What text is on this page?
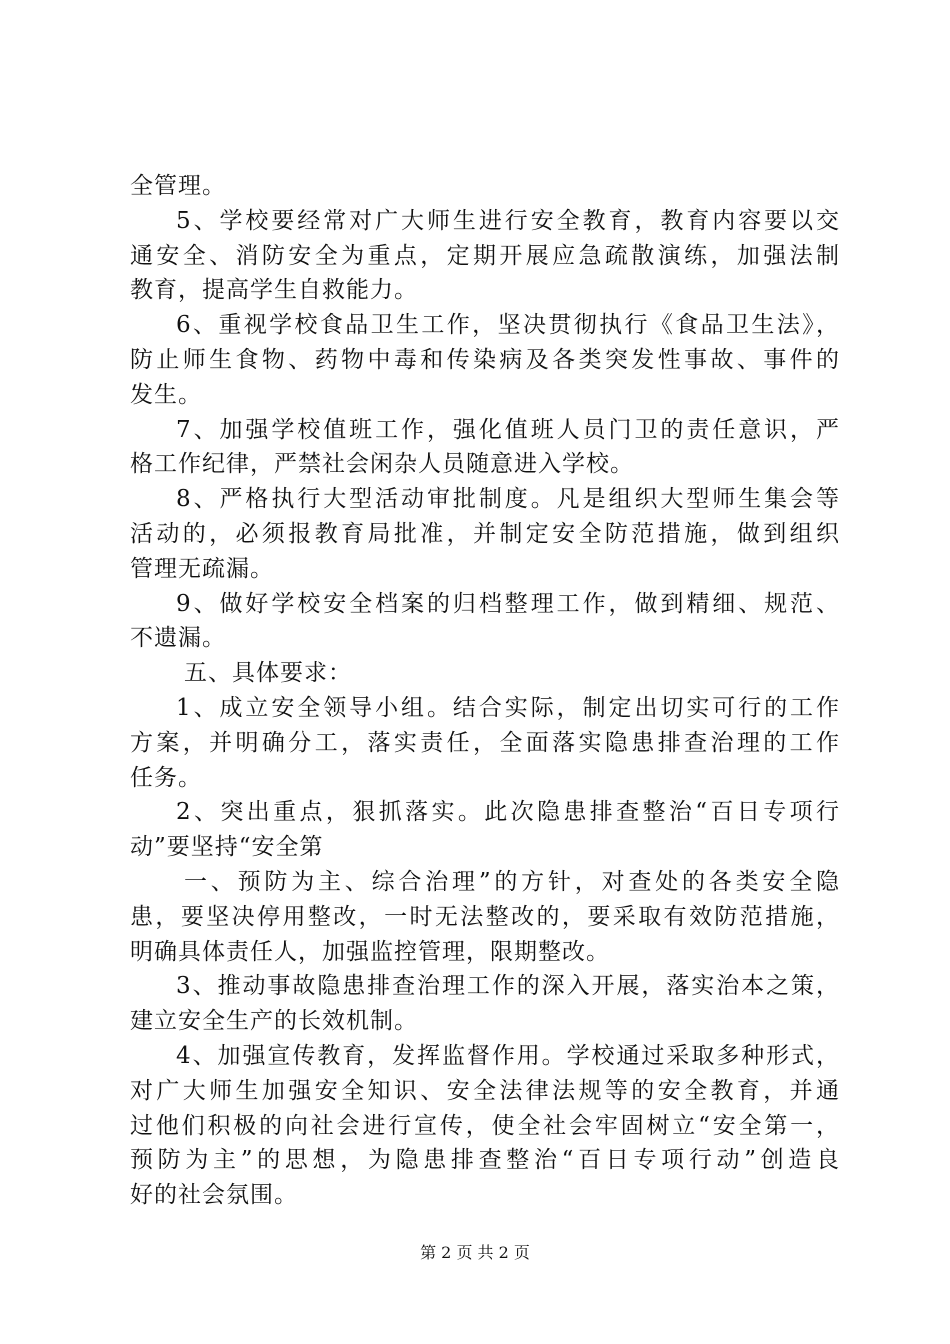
全管理。
5、学校要经常对广大师生进行安全教育，教育内容要以交
通安全、消防安全为重点，定期开展应急疏散演练，加强法制
教育，提高学生自救能力。
6、重视学校食品卫生工作，坚决贯彻执行《食品卫生法》，
防止师生食物、药物中毒和传染病及各类突发性事故、事件的
发生。
7、加强学校值班工作，强化值班人员门卫的责任意识，严
格工作纪律，严禁社会闲杂人员随意进入学校。
8、严格执行大型活动审批制度。凡是组织大型师生集会等
活动的，必须报教育局批准，并制定安全防范措施，做到组织
管理无疏漏。
9、做好学校安全档案的归档整理工作，做到精细、规范、
不遗漏。
五、具体要求：
1、成立安全领导小组。结合实际，制定出切实可行的工作
方案，并明确分工，落实责任，全面落实隐患排查治理的工作
任务。
2、突出重点，狠抓落实。此次隐患排查整治“百日专项行
动”要坚持“安全第
一、预防为主、综合治理”的方针，对查处的各类安全隐
患，要坚决停用整改，一时无法整改的，要采取有效防范措施，
明确具体责任人，加强监控管理，限期整改。
3、推动事故隐患排查治理工作的深入开展，落实治本之策，
建立安全生产的长效机制。
4、加强宣传教育，发挥监督作用。学校通过采取多种形式，
对广大师生加强安全知识、安全法律法规等的安全教育，并通
过他们积极的向社会进行宣传，使全社会牢固树立“安全第一，
预防为主”的思想，为隐患排查整治“百日专项行动”创造良
好的社会氛围。
第 2 页 共 2 页
